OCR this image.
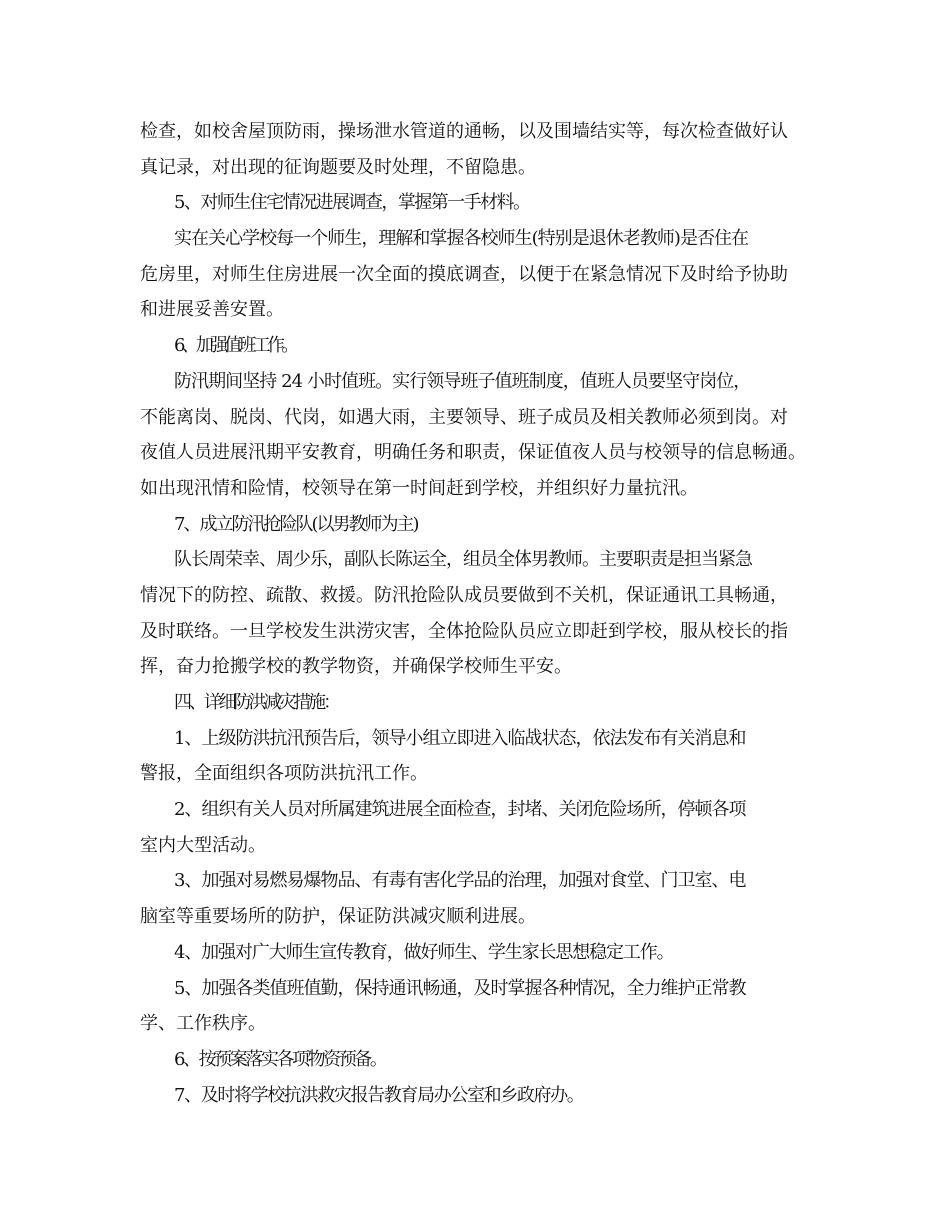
检查，如校舍屋顶防雨，操场泄水管道的通畅，以及围墙结实等，每次检查做好认
真记录，对出现的征询题要及时处理，不留隐患。
5、对师生住宅情况进展调查，掌握第一手材料。
实在关心学校每一个师生，理解和掌握各校师生(特别是退休老教师)是否住在
危房里，对师生住房进展一次全面的摸底调查，以便于在紧急情况下及时给予协助
和进展妥善安置。
6、加强值班工作。
防汛期间坚持 24 小时值班。实行领导班子值班制度，值班人员要坚守岗位，
不能离岗、脱岗、代岗，如遇大雨，主要领导、班子成员及相关教师必须到岗。对
夜值人员进展汛期平安教育，明确任务和职责，保证值夜人员与校领导的信息畅通。
如出现汛情和险情，校领导在第一时间赶到学校，并组织好力量抗汛。
7、成立防汛抢险队(以男教师为主)
队长周荣幸、周少乐，副队长陈运全，组员全体男教师。主要职责是担当紧急
情况下的防控、疏散、救援。防汛抢险队成员要做到不关机，保证通讯工具畅通，
及时联络。一旦学校发生洪涝灾害，全体抢险队员应立即赶到学校，服从校长的指
挥，奋力抢搬学校的教学物资，并确保学校师生平安。
四、详细防洪减灾措施：
1、上级防洪抗汛预告后，领导小组立即进入临战状态，依法发布有关消息和
警报，全面组织各项防洪抗汛工作。
2、组织有关人员对所属建筑进展全面检查，封堵、关闭危险场所，停顿各项
室内大型活动。
3、加强对易燃易爆物品、有毒有害化学品的治理，加强对食堂、门卫室、电
脑室等重要场所的防护，保证防洪减灾顺利进展。
4、加强对广大师生宣传教育，做好师生、学生家长思想稳定工作。
5、加强各类值班值勤，保持通讯畅通，及时掌握各种情况，全力维护正常教
学、工作秩序。
6、按预案落实各项物资预备。
7、及时将学校抗洪救灾报告教育局办公室和乡政府办。
